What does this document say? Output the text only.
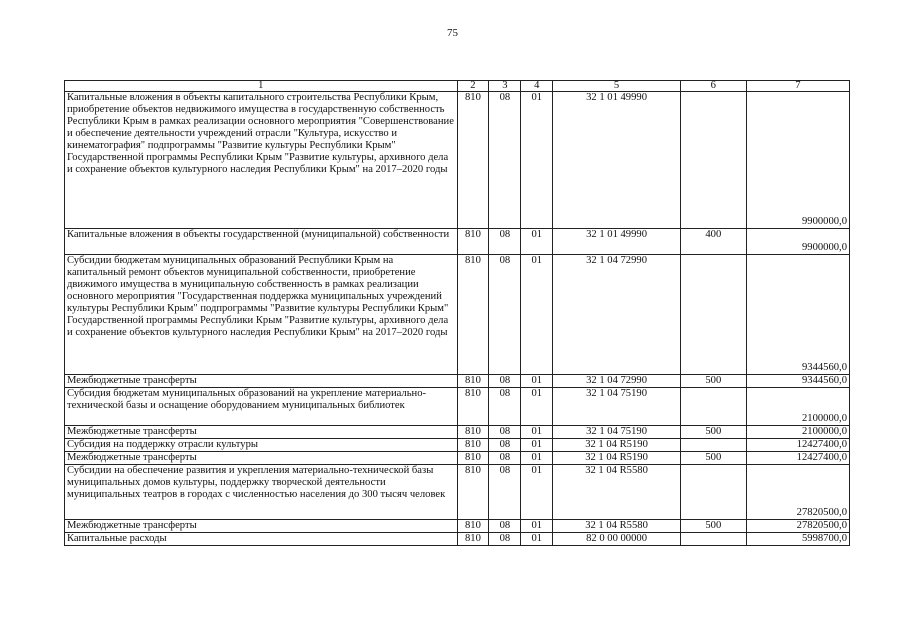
75
1	2	3	4	5	6	7
Капитальные вложения в объекты капитального строительства Республики Крым, приобретение объектов недвижимого имущества в государственную собственность Республики Крым в рамках реализации основного мероприятия "Совершенствование и обеспечение деятельности учреждений отрасли "Культура, искусство и кинематография" подпрограммы "Развитие культуры Республики Крым" Государственной программы Республики Крым "Развитие культуры, архивного дела и сохранение объектов культурного наследия Республики Крым" на 2017–2020 годы	810	08	01	32 1 01 49990		9900000,0
Капитальные вложения в объекты государственной (муниципальной) собственности	810	08	01	32 1 01 49990	400	9900000,0
Субсидии бюджетам муниципальных образований Республики Крым на капитальный ремонт объектов муниципальной собственности, приобретение движимого имущества в муниципальную собственность в рамках реализации основного мероприятия "Государственная поддержка муниципальных учреждений культуры Республики Крым" подпрограммы "Развитие культуры Республики Крым" Государственной программы Республики Крым "Развитие культуры, архивного дела и сохранение объектов культурного наследия Республики Крым" на 2017–2020 годы	810	08	01	32 1 04 72990		9344560,0
Межбюджетные трансферты	810	08	01	32 1 04 72990	500	9344560,0
Субсидия бюджетам муниципальных образований на укрепление материально-технической базы и оснащение оборудованием муниципальных библиотек	810	08	01	32 1 04 75190		2100000,0
Межбюджетные трансферты	810	08	01	32 1 04 75190	500	2100000,0
Субсидия на поддержку отрасли культуры	810	08	01	32 1 04 R5190		12427400,0
Межбюджетные трансферты	810	08	01	32 1 04 R5190	500	12427400,0
Субсидии на обеспечение развития и укрепления материально-технической базы муниципальных домов культуры, поддержку творческой деятельности муниципальных театров в городах с численностью населения до 300 тысяч человек	810	08	01	32 1 04 R5580		27820500,0
Межбюджетные трансферты	810	08	01	32 1 04 R5580	500	27820500,0
Капитальные расходы	810	08	01	82 0 00 00000		5998700,0
